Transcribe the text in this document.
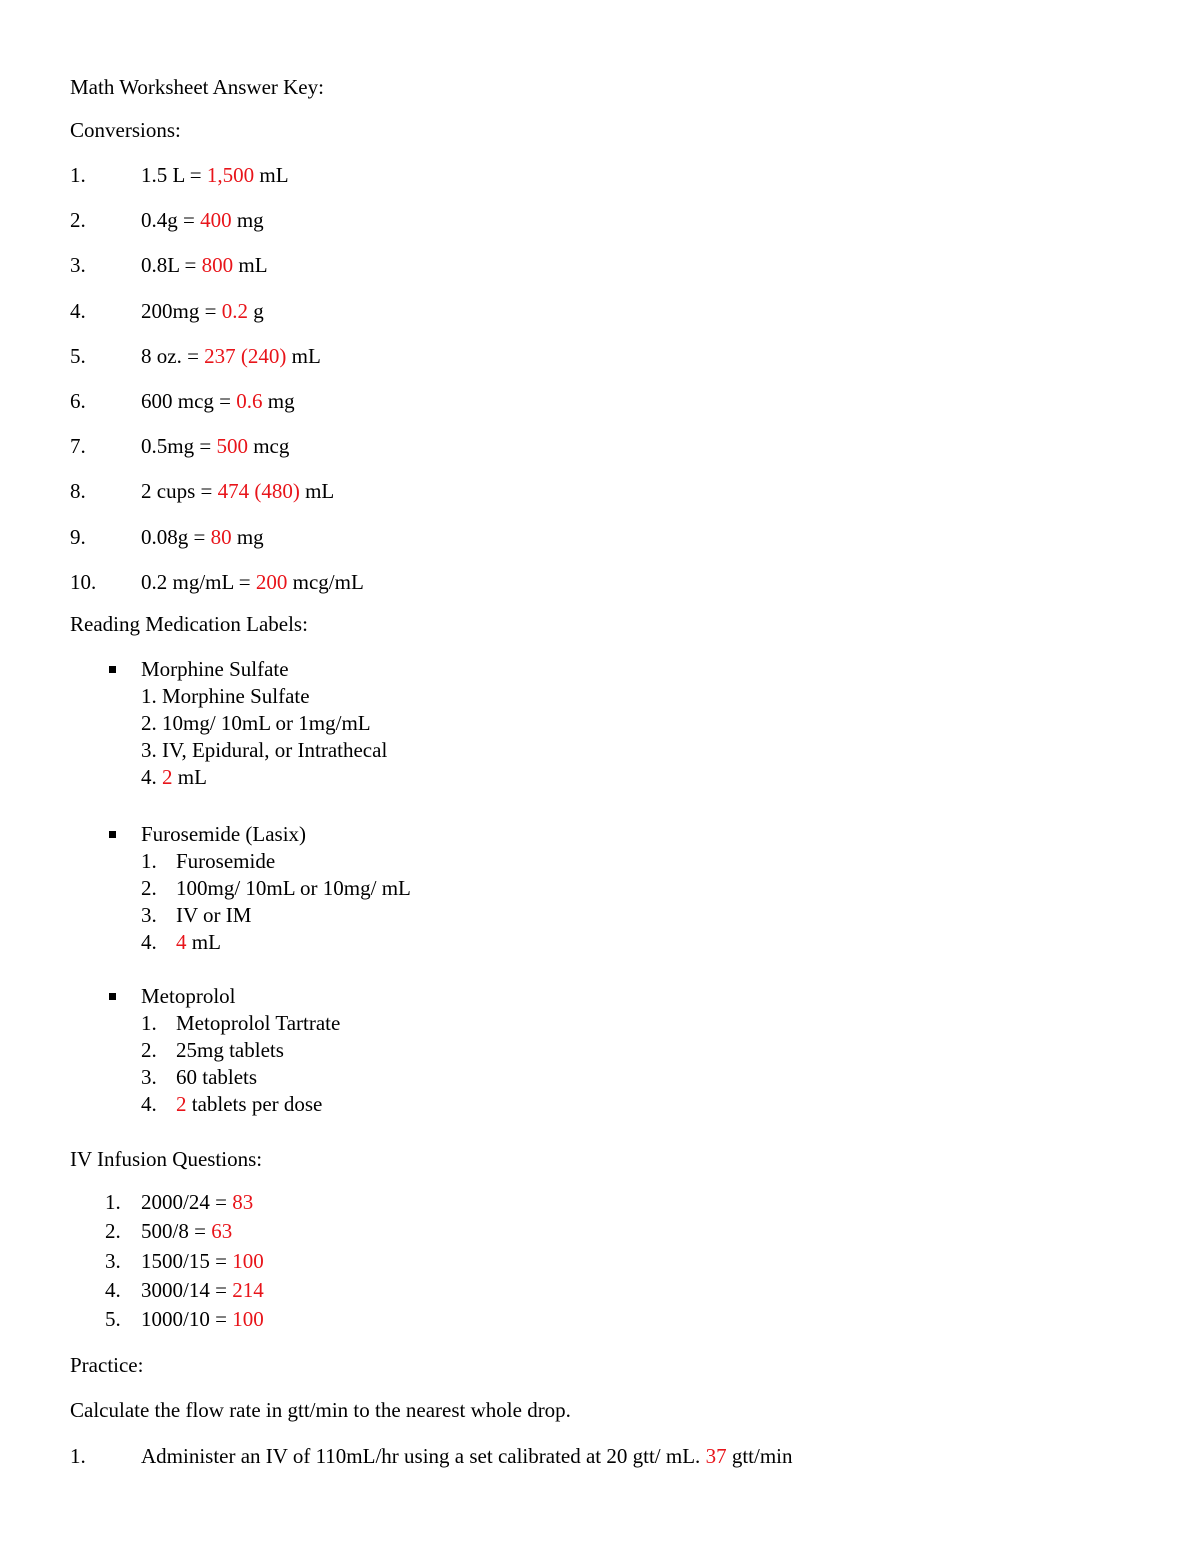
Math Worksheet Answer Key:
Conversions:
1.	1.5 L = 1,500 mL
2.	0.4g = 400 mg
3.	0.8L = 800 mL
4.	200mg = 0.2 g
5.	8 oz. = 237 (240) mL
6.	600 mcg = 0.6 mg
7.	0.5mg = 500 mcg
8.	2 cups = 474 (480) mL
9.	0.08g = 80 mg
10. 0.2 mg/mL = 200 mcg/mL
Reading Medication Labels:
Morphine Sulfate
1. Morphine Sulfate
2. 10mg/ 10mL or 1mg/mL
3. IV, Epidural, or Intrathecal
4. 2 mL
Furosemide (Lasix)
1. Furosemide
2. 100mg/ 10mL or 10mg/ mL
3. IV or IM
4. 4 mL
Metoprolol
1. Metoprolol Tartrate
2. 25mg tablets
3. 60 tablets
4. 2 tablets per dose
IV Infusion Questions:
1. 2000/24 = 83
2. 500/8 = 63
3. 1500/15 = 100
4. 3000/14 = 214
5. 1000/10 = 100
Practice:
Calculate the flow rate in gtt/min to the nearest whole drop.
1.	Administer an IV of 110mL/hr using a set calibrated at 20 gtt/ mL. 37 gtt/min
